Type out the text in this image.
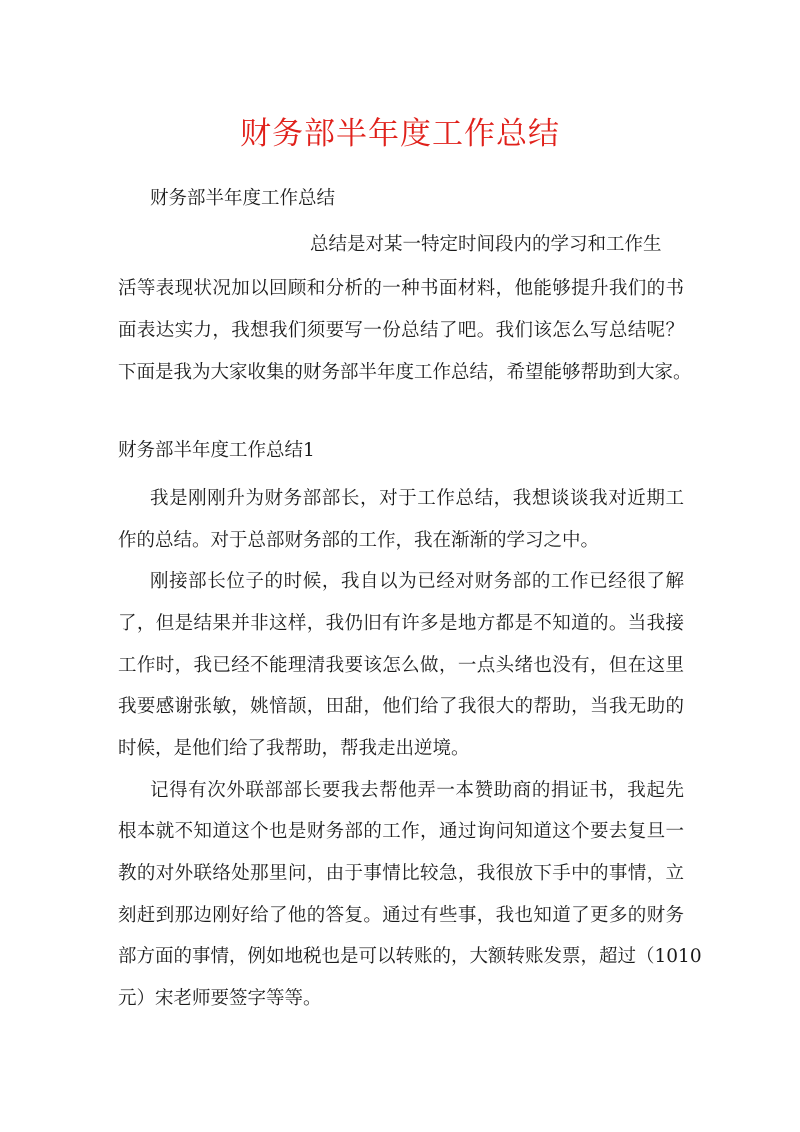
财务部半年度工作总结
财务部半年度工作总结
总结是对某一特定时间段内的学习和工作生
活等表现状况加以回顾和分析的一种书面材料，他能够提升我们的书
面表达实力，我想我们须要写一份总结了吧。我们该怎么写总结呢？
下面是我为大家收集的财务部半年度工作总结，希望能够帮助到大家。
财务部半年度工作总结1
我是刚刚升为财务部部长，对于工作总结，我想谈谈我对近期工
作的总结。对于总部财务部的工作，我在渐渐的学习之中。
刚接部长位子的时候，我自以为已经对财务部的工作已经很了解
了，但是结果并非这样，我仍旧有许多是地方都是不知道的。当我接
工作时，我已经不能理清我要该怎么做，一点头绪也没有，但在这里
我要感谢张敏，姚愔颉，田甜，他们给了我很大的帮助，当我无助的
时候，是他们给了我帮助，帮我走出逆境。
记得有次外联部部长要我去帮他弄一本赞助商的捐证书，我起先
根本就不知道这个也是财务部的工作，通过询问知道这个要去复旦一
教的对外联络处那里问，由于事情比较急，我很放下手中的事情，立
刻赶到那边刚好给了他的答复。通过有些事，我也知道了更多的财务
部方面的事情，例如地税也是可以转账的，大额转账发票，超过（1010
元）宋老师要签字等等。
